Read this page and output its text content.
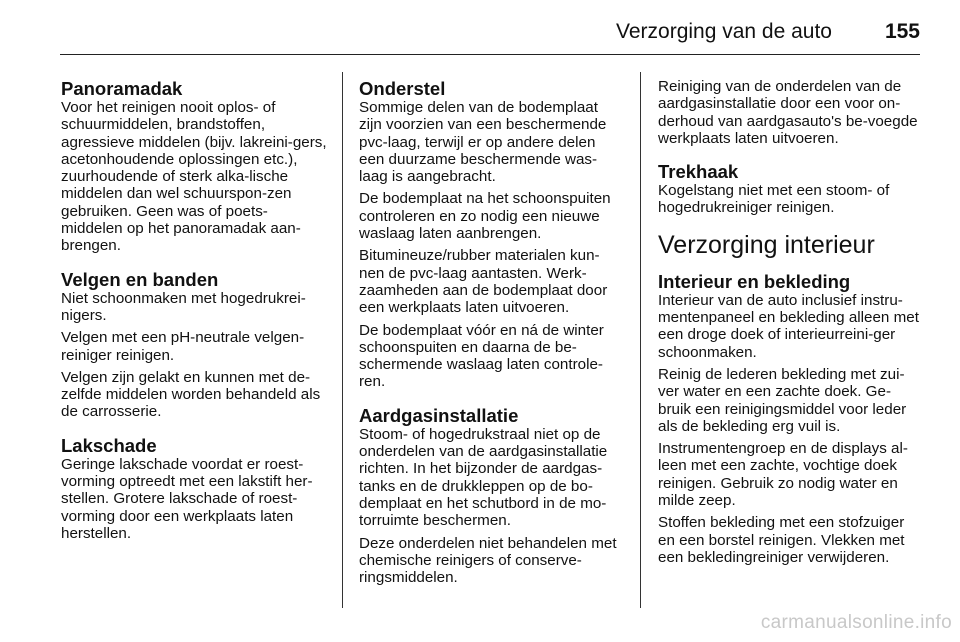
Verzorging van de auto	155
Panoramadak

Voor het reinigen nooit oplos- of schuurmiddelen, brandstoffen, agressieve middelen (bijv. lakreini-gers, acetonhoudende oplossingen etc.), zuurhoudende of sterk alka-lische middelen dan wel schuurspon-zen gebruiken. Geen was of poets-middelen op het panoramadak aan-brengen.

Velgen en banden

Niet schoonmaken met hogedrukrei-nigers.

Velgen met een pH-neutrale velgen-reiniger reinigen.

Velgen zijn gelakt en kunnen met de-zelfde middelen worden behandeld als de carrosserie.

Lakschade

Geringe lakschade voordat er roest-vorming optreedt met een lakstift her-stellen. Grotere lakschade of roest-vorming door een werkplaats laten herstellen.

Onderstel

Sommige delen van de bodemplaat zijn voorzien van een beschermende pvc-laag, terwijl er op andere delen een duurzame beschermende was-laag is aangebracht.

De bodemplaat na het schoonspuiten controleren en zo nodig een nieuwe waslaag laten aanbrengen.

Bitumineuze/rubber materialen kun-nen de pvc-laag aantasten. Werk-zaamheden aan de bodemplaat door een werkplaats laten uitvoeren.

De bodemplaat vóór en ná de winter schoonspuiten en daarna de be-schermende waslaag laten controle-ren.

Aardgasinstallatie

Stoom- of hogedrukstraal niet op de onderdelen van de aardgasinstallatie richten. In het bijzonder de aardgas-tanks en de drukkleppen op de bo-demplaat en het schutbord in de mo-torruimte beschermen.

Deze onderdelen niet behandelen met chemische reinigers of conserve-ringsmiddelen.

Reiniging van de onderdelen van de aardgasinstallatie door een voor on-derhoud van aardgasauto's be-voegde werkplaats laten uitvoeren.

Trekhaak

Kogelstang niet met een stoom- of hogedrukreiniger reinigen.

Verzorging interieur
Interieur en bekleding

Interieur van de auto inclusief instru-mentenpaneel en bekleding alleen met een droge doek of interieurreini-ger schoonmaken.

Reinig de lederen bekleding met zui-ver water en een zachte doek. Ge-bruik een reinigingsmiddel voor leder als de bekleding erg vuil is.

Instrumentengroep en de displays al-leen met een zachte, vochtige doek reinigen. Gebruik zo nodig water en milde zeep.

Stoffen bekleding met een stofzuiger en een borstel reinigen. Vlekken met een bekledingreiniger verwijderen.

carmanualsonline.info
